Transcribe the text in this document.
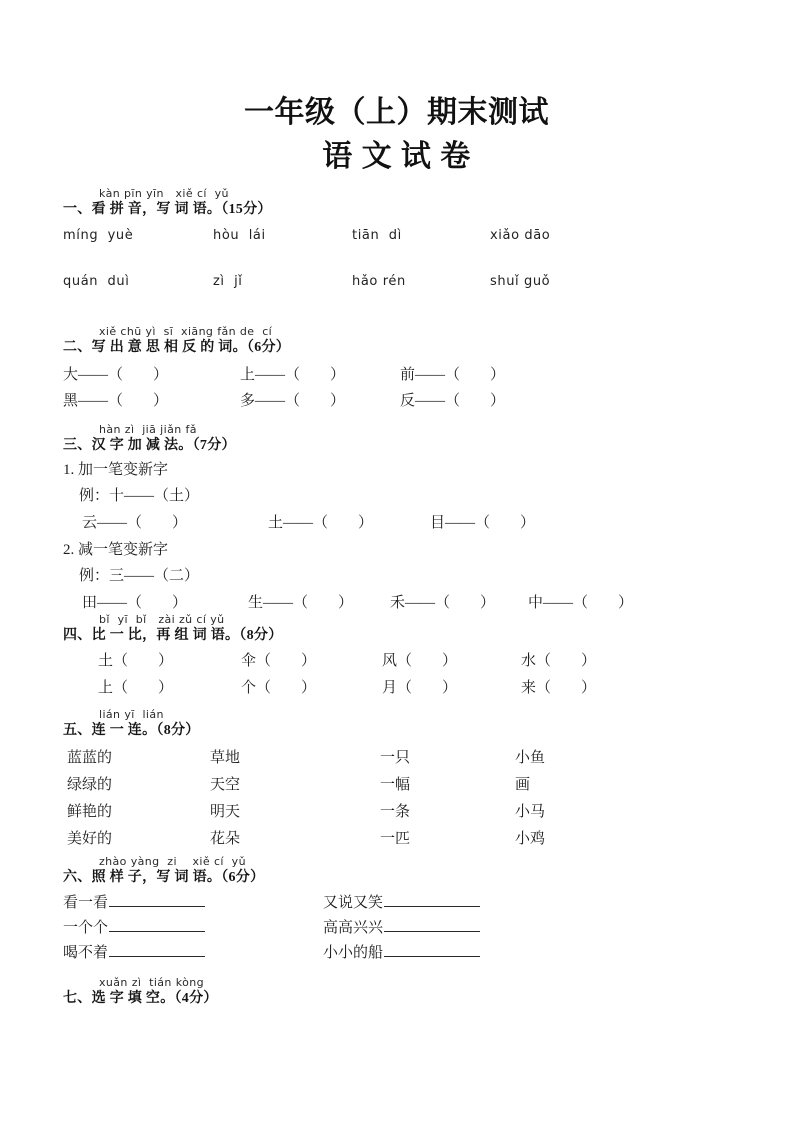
一年级（上）期末测试
语 文 试 卷
kàn pīn yīn   xiě cí  yǔ
一、看 拼 音，写 词 语。（15分）
míng  yuè	hòu  lái	tiān  dì	xiǎo dāo
quán  duì	zì  jǐ	hǎo rén	shuǐ guǒ
xiě chū yì  sī  xiāng fǎn de  cí
二、写 出 意 思 相 反 的 词。（6分）
大——（　　）	上——（　　）	前——（　　）
黑——（　　）	多——（　　）	反——（　　）
hàn zì  jiā jiǎn fǎ
三、汉 字 加 减 法。（7分）
1. 加一笔变新字
例：十——（土）
云——（　　）	土——（　　）	目——（　　）
2. 减一笔变新字
例：三——（二）
田——（　　）	生——（　　）	禾——（　　）	中——（　　）
bǐ  yī  bǐ   zài zǔ cí yǔ
四、比 一 比，再 组 词 语。（8分）
土（　　）	伞（　　）	风（　　）	水（　　）
上（　　）	个（　　）	月（　　）	来（　　）
lián yī  lián
五、连 一 连。（8分）
蓝蓝的	草地	一只	小鱼
绿绿的	天空	一幅	画
鲜艳的	明天	一条	小马
美好的	花朵	一匹	小鸡
zhào yàng  zi    xiě cí  yǔ
六、照 样 子，写 词 语。（6分）
看一看	又说又笑
一个个	高高兴兴
喝不着	小小的船
xuǎn zì  tián kòng
七、选 字 填 空。（4分）
